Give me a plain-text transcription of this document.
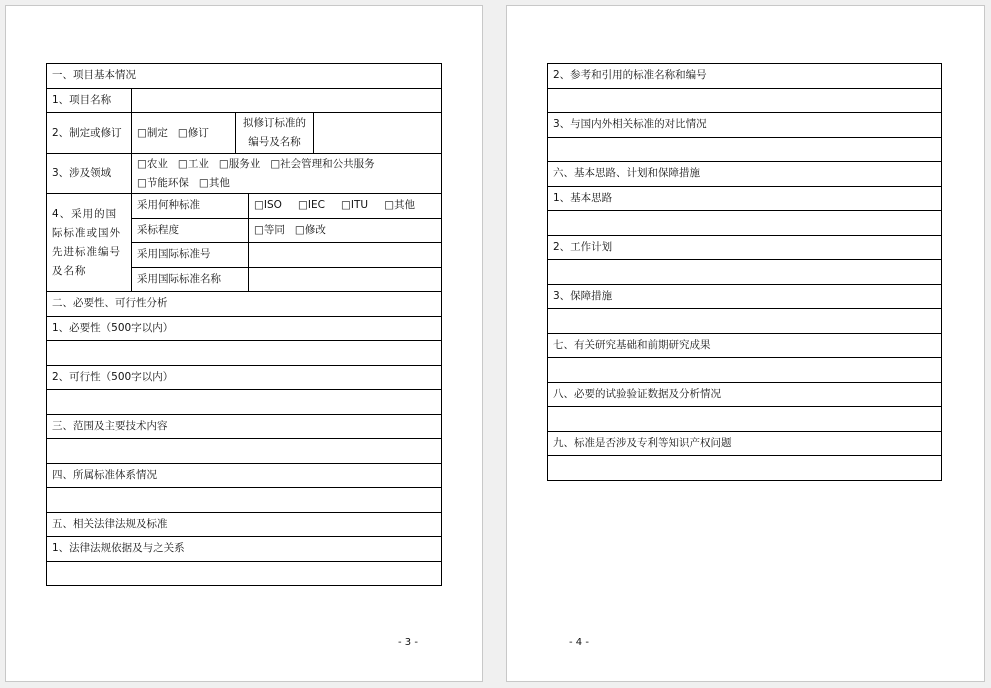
一、项目基本情况				
1、项目名称				
2、制定或修订	□制定 □修订	拟修订标准的编号及名称		
3、涉及领域	□农业 □工业 □服务业 □社会管理和公共服务
□节能环保 □其他			

4、采用的国际标准或国外先进标准编号及名称	采用何种标准		□ISO □IEC □ITU □其他	
	采标程度		□等同 □修改	
	采用国际标准号			
	采用国际标准名称			
二、必要性、可行性分析				
1、必要性（500字以内）				

2、可行性（500字以内）				

三、范围及主要技术内容				

四、所属标准体系情况				

五、相关法律法规及标准				
1、法律法规依据及与之关系				

- 3 -
2、参考和引用的标准名称和编号

3、与国内外相关标准的对比情况

六、基本思路、计划和保障措施
1、基本思路

2、工作计划

3、保障措施

七、有关研究基础和前期研究成果

八、必要的试验验证数据及分析情况

九、标准是否涉及专利等知识产权问题

- 4 -
